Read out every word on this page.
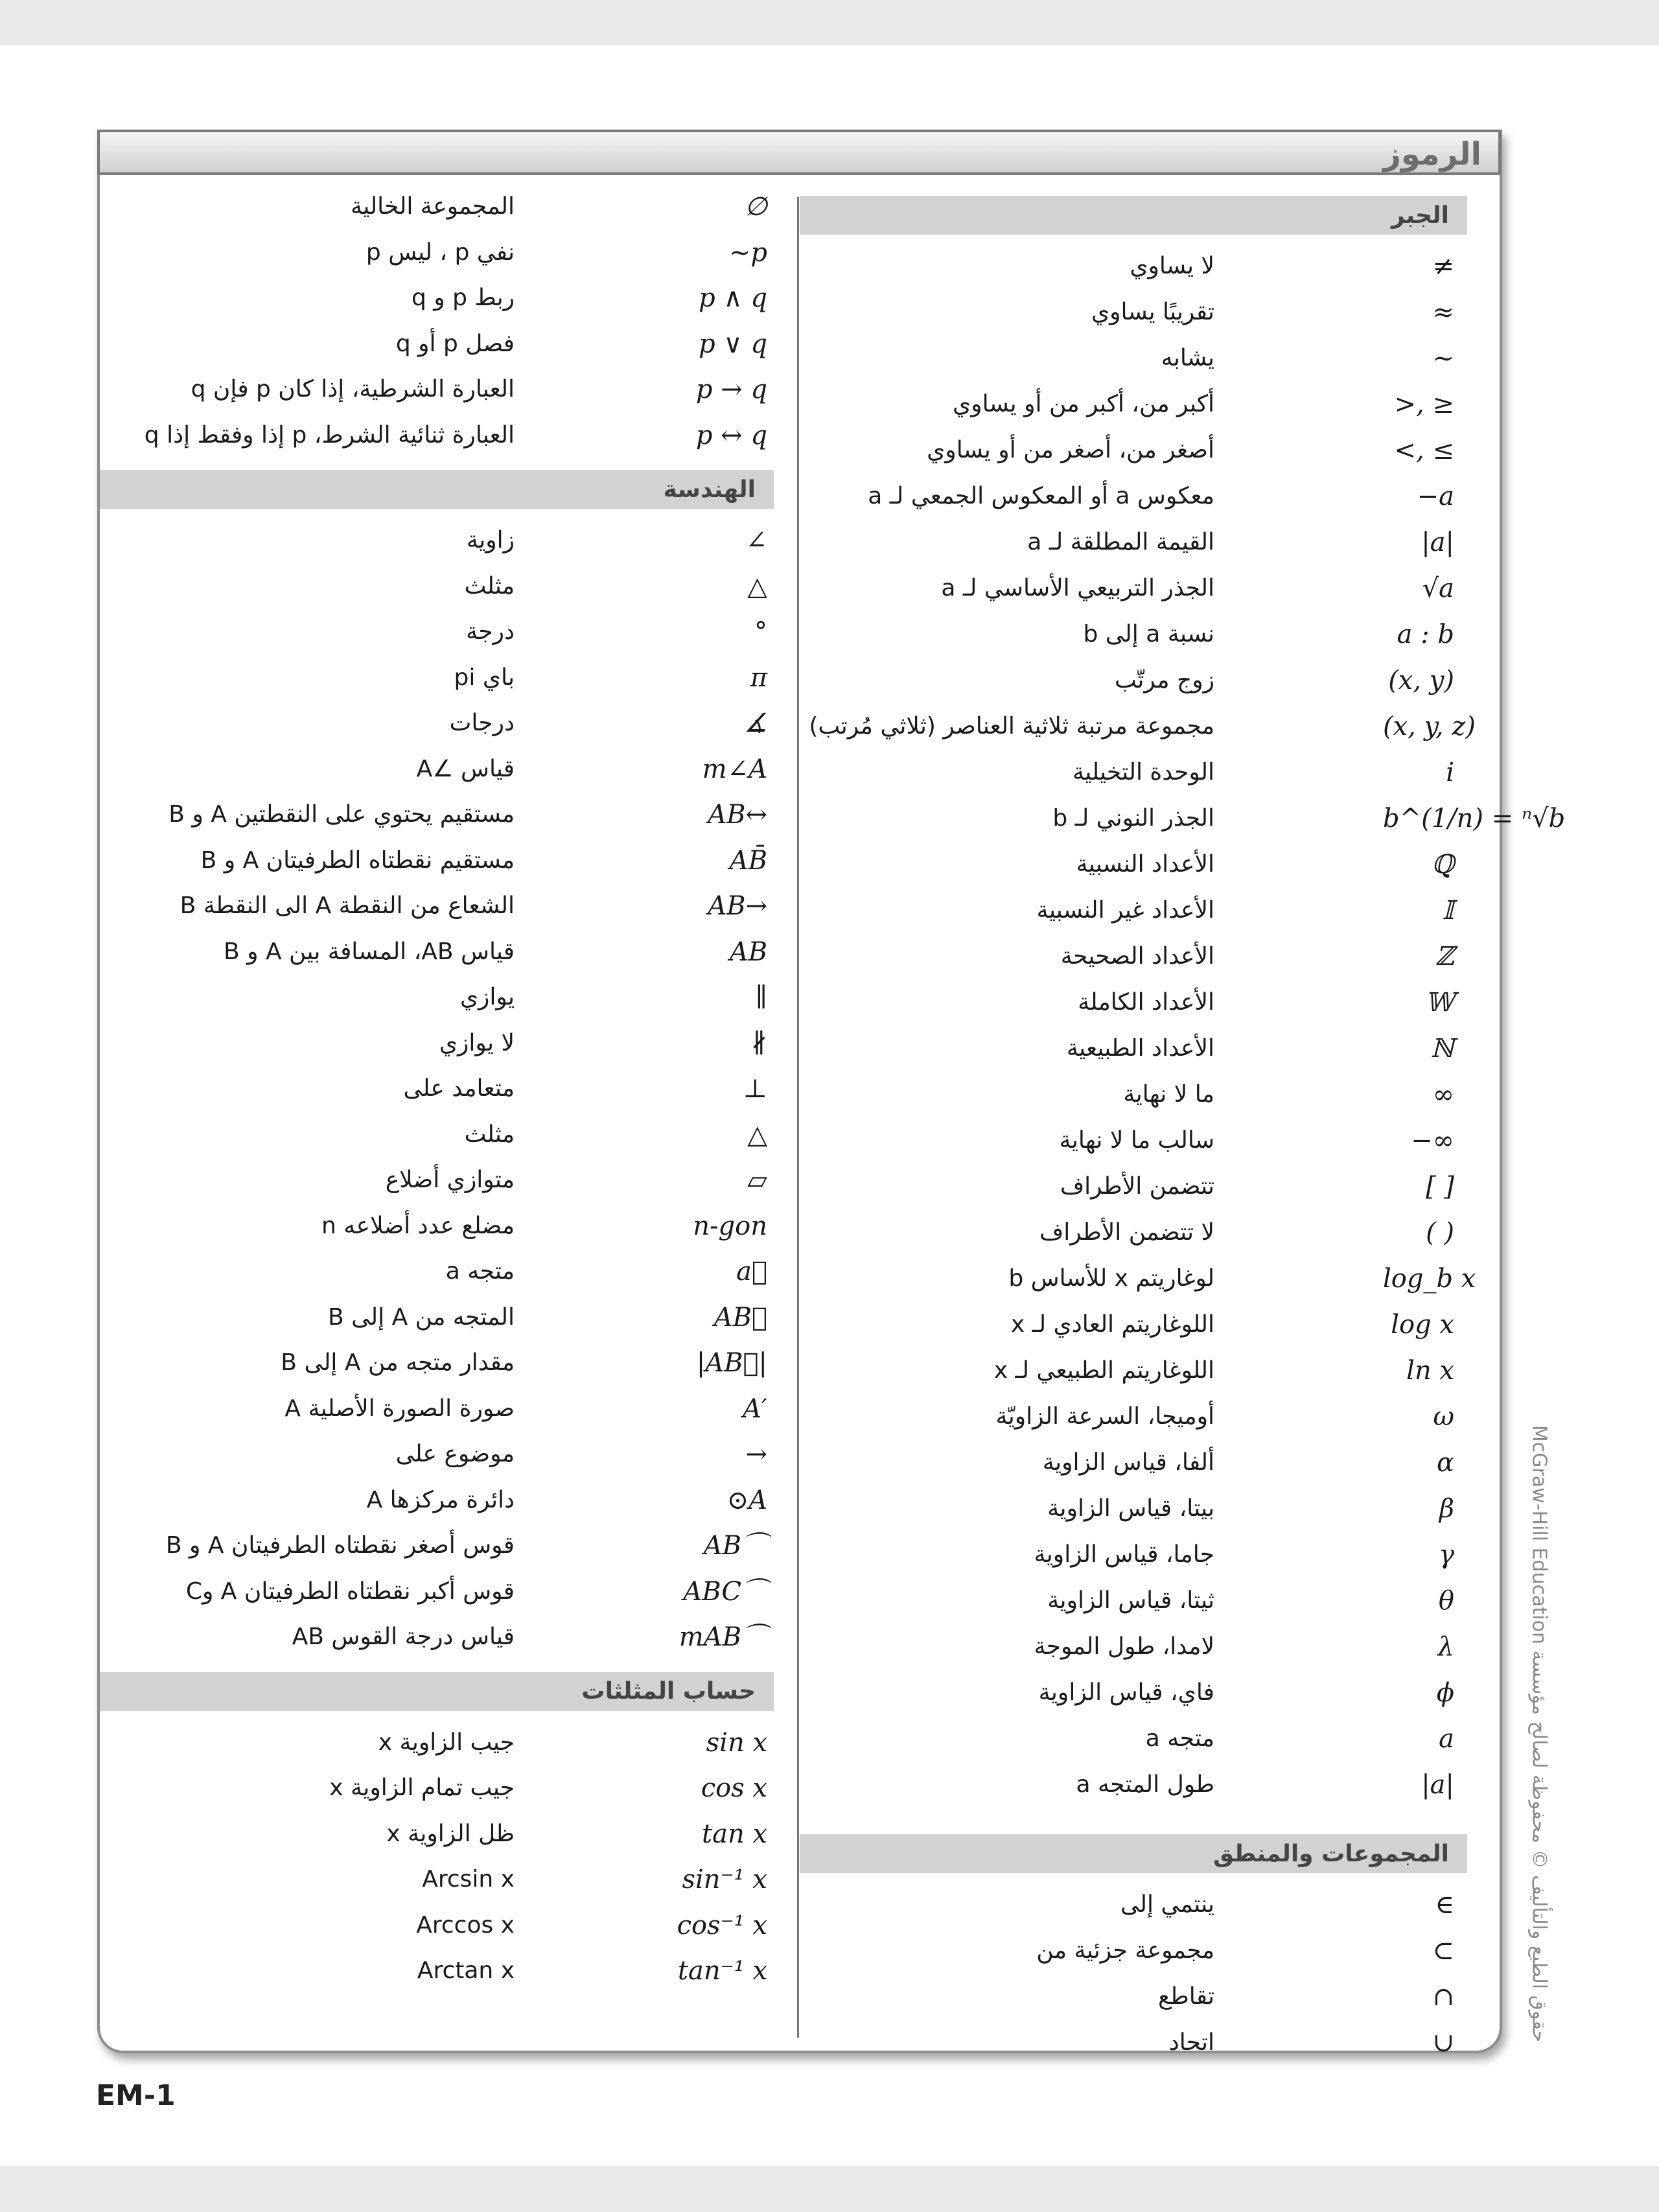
الرموز
∅
المجموعة الخالية
∼p
نفي p ، ليس p
p ∧ q
ربط p و q
p ∨ q
فصل p أو q
p → q
العبارة الشرطية، إذا كان p فإن q
p ↔ q
العبارة ثنائية الشرط، p إذا وفقط إذا q
الهندسة
∠
زاوية
△
مثلث
°
درجة
π
باي pi
∡
درجات
m∠A
قياس ∠A
AB↔
مستقيم يحتوي على النقطتين A و B
AB̄
مستقيم نقطتاه الطرفيتان A و B
AB→
الشعاع من النقطة A الى النقطة B
AB
قياس AB، المسافة بين A و B
∥
يوازي
∦
لا يوازي
⊥
متعامد على
△
مثلث
▱
متوازي أضلاع
n-gon
مضلع عدد أضلاعه n
a⃗
متجه a
AB⃗
المتجه من A إلى B
|AB⃗|
مقدار متجه من A إلى B
A′
صورة الصورة الأصلية A
→
موضوع على
⊙A
دائرة مركزها A
AB⌒
قوس أصغر نقطتاه الطرفيتان A و B
ABC⌒
قوس أكبر نقطتاه الطرفيتان A وC
mAB⌒
قياس درجة القوس AB
حساب المثلثات
sin x
جيب الزاوية x
cos x
جيب تمام الزاوية x
tan x
ظل الزاوية x
sin⁻¹ x
Arcsin x
cos⁻¹ x
Arccos x
tan⁻¹ x
Arctan x
الجبر
≠
لا يساوي
≈
تقريبًا يساوي
~
يشابه
>, ≥
أكبر من، أكبر من أو يساوي
<, ≤
أصغر من، أصغر من أو يساوي
−a
معكوس a أو المعكوس الجمعي لـ a
|a|
القيمة المطلقة لـ a
√a
الجذر التربيعي الأساسي لـ a
a : b
نسبة a إلى b
(x, y)
زوج مرتّب
(x, y, z)
مجموعة مرتبة ثلاثية العناصر (ثلاثي مُرتب)
i
الوحدة التخيلية
b^(1/n) = ⁿ√b
الجذر النوني لـ b
ℚ
الأعداد النسبية
𝕀
الأعداد غير النسبية
ℤ
الأعداد الصحيحة
𝕎
الأعداد الكاملة
ℕ
الأعداد الطبيعية
∞
ما لا نهاية
−∞
سالب ما لا نهاية
[ ]
تتضمن الأطراف
( )
لا تتضمن الأطراف
log_b x
لوغاريتم x للأساس b
log x
اللوغاريتم العادي لـ x
ln x
اللوغاريتم الطبيعي لـ x
ω
أوميجا، السرعة الزاويّة
α
ألفا، قياس الزاوية
β
بيتا، قياس الزاوية
γ
جاما، قياس الزاوية
θ
ثيتا، قياس الزاوية
λ
لامدا، طول الموجة
ϕ
فاي، قياس الزاوية
a
متجه a
|a|
طول المتجه a
المجموعات والمنطق
∈
ينتمي إلى
⊂
مجموعة جزئية من
∩
تقاطع
∪
اتحاد
حقوق الطبع والتأليف © محفوظة لصالح مؤسسة McGraw-Hill Education
EM-1
